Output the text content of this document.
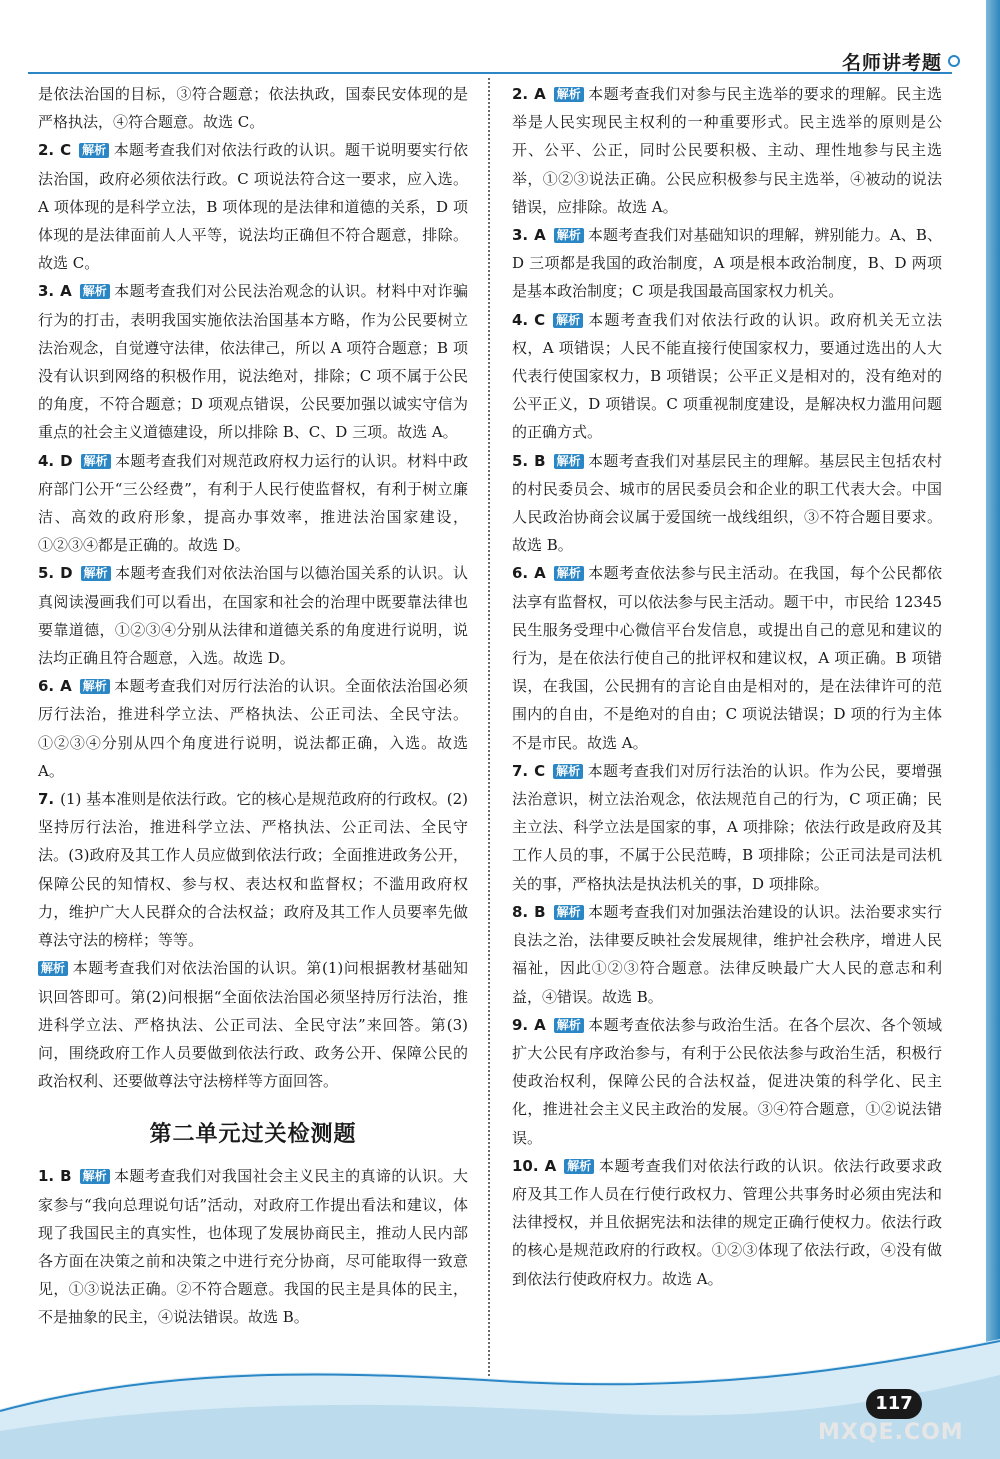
名师讲考题

是依法治国的目标，③符合题意；依法执政，国泰民安体现的是严格执法，④符合题意。故选 C。

2. C 解析 本题考查我们对依法行政的认识。题干说明要实行依法治国，政府必须依法行政。C 项说法符合这一要求，应入选。A 项体现的是科学立法，B 项体现的是法律和道德的关系，D 项体现的是法律面前人人平等，说法均正确但不符合题意，排除。故选 C。

3. A 解析 本题考查我们对公民法治观念的认识。材料中对诈骗行为的打击，表明我国实施依法治国基本方略，作为公民要树立法治观念，自觉遵守法律，依法律己，所以 A 项符合题意；B 项没有认识到网络的积极作用，说法绝对，排除；C 项不属于公民的角度，不符合题意；D 项观点错误，公民要加强以诚实守信为重点的社会主义道德建设，所以排除 B、C、D 三项。故选 A。

4. D 解析 本题考查我们对规范政府权力运行的认识。材料中政府部门公开“三公经费”，有利于人民行使监督权，有利于树立廉洁、高效的政府形象，提高办事效率，推进法治国家建设，①②③④都是正确的。故选 D。

5. D 解析 本题考查我们对依法治国与以德治国关系的认识。认真阅读漫画我们可以看出，在国家和社会的治理中既要靠法律也要靠道德，①②③④分别从法律和道德关系的角度进行说明，说法均正确且符合题意，入选。故选 D。

6. A 解析 本题考查我们对厉行法治的认识。全面依法治国必须厉行法治，推进科学立法、严格执法、公正司法、全民守法。①②③④分别从四个角度进行说明，说法都正确，入选。故选 A。

7. (1) 基本准则是依法行政。它的核心是规范政府的行政权。(2)坚持厉行法治，推进科学立法、严格执法、公正司法、全民守法。(3)政府及其工作人员应做到依法行政；全面推进政务公开，保障公民的知情权、参与权、表达权和监督权；不滥用政府权力，维护广大人民群众的合法权益；政府及其工作人员要率先做尊法守法的榜样；等等。

解析 本题考查我们对依法治国的认识。第(1)问根据教材基础知识回答即可。第(2)问根据“全面依法治国必须坚持厉行法治，推进科学立法、严格执法、公正司法、全民守法”来回答。第(3)问，围绕政府工作人员要做到依法行政、政务公开、保障公民的政治权利、还要做尊法守法榜样等方面回答。

第二单元过关检测题

1. B 解析 本题考查我们对我国社会主义民主的真谛的认识。大家参与“我向总理说句话”活动，对政府工作提出看法和建议，体现了我国民主的真实性，也体现了发展协商民主，推动人民内部各方面在决策之前和决策之中进行充分协商，尽可能取得一致意见，①③说法正确。②不符合题意。我国的民主是具体的民主，不是抽象的民主，④说法错误。故选 B。

2. A 解析 本题考查我们对参与民主选举的要求的理解。民主选举是人民实现民主权利的一种重要形式。民主选举的原则是公开、公平、公正，同时公民要积极、主动、理性地参与民主选举，①②③说法正确。公民应积极参与民主选举，④被动的说法错误，应排除。故选 A。

3. A 解析 本题考查我们对基础知识的理解，辨别能力。A、B、D 三项都是我国的政治制度，A 项是根本政治制度，B、D 两项是基本政治制度；C 项是我国最高国家权力机关。

4. C 解析 本题考查我们对依法行政的认识。政府机关无立法权，A 项错误；人民不能直接行使国家权力，要通过选出的人大代表行使国家权力，B 项错误；公平正义是相对的，没有绝对的公平正义，D 项错误。C 项重视制度建设，是解决权力滥用问题的正确方式。

5. B 解析 本题考查我们对基层民主的理解。基层民主包括农村的村民委员会、城市的居民委员会和企业的职工代表大会。中国人民政治协商会议属于爱国统一战线组织，③不符合题目要求。故选 B。

6. A 解析 本题考查依法参与民主活动。在我国，每个公民都依法享有监督权，可以依法参与民主活动。题干中，市民给 12345 民生服务受理中心微信平台发信息，或提出自己的意见和建议的行为，是在依法行使自己的批评权和建议权，A 项正确。B 项错误，在我国，公民拥有的言论自由是相对的，是在法律许可的范围内的自由，不是绝对的自由；C 项说法错误；D 项的行为主体不是市民。故选 A。

7. C 解析 本题考查我们对厉行法治的认识。作为公民，要增强法治意识，树立法治观念，依法规范自己的行为，C 项正确；民主立法、科学立法是国家的事，A 项排除；依法行政是政府及其工作人员的事，不属于公民范畴，B 项排除；公正司法是司法机关的事，严格执法是执法机关的事，D 项排除。

8. B 解析 本题考查我们对加强法治建设的认识。法治要求实行良法之治，法律要反映社会发展规律，维护社会秩序，增进人民福祉，因此①②③符合题意。法律反映最广大人民的意志和利益，④错误。故选 B。

9. A 解析 本题考查依法参与政治生活。在各个层次、各个领域扩大公民有序政治参与，有利于公民依法参与政治生活，积极行使政治权利，保障公民的合法权益，促进决策的科学化、民主化，推进社会主义民主政治的发展。③④符合题意，①②说法错误。

10. A 解析 本题考查我们对依法行政的认识。依法行政要求政府及其工作人员在行使行政权力、管理公共事务时必须由宪法和法律授权，并且依据宪法和法律的规定正确行使权力。依法行政的核心是规范政府的行政权。①②③体现了依法行政，④没有做到依法行使政府权力。故选 A。

117
MXQE.COM
